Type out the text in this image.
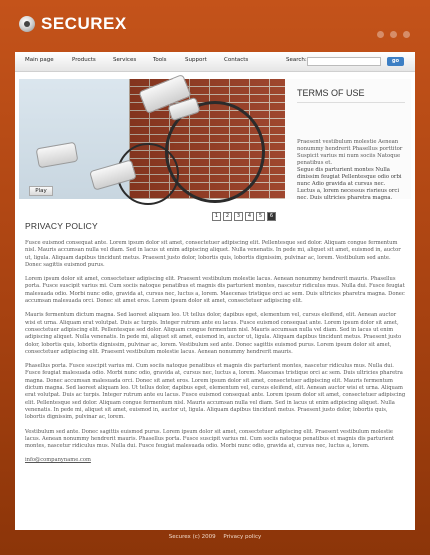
SECUREX
Main page	Products	Services	Tools	Support	Contacts	Search:	go
1	2	3	4	5	6
TERMS OF USE
Praesent vestibulum molestie Aenean nonummy hendrerit Phasellus porttitor Suspicit varius mi num sociis Natoque penatibus et.
Segue dis parturient montes Nulla dinissim feugiat Pellentesque odio orbi nunc Adio gravida at cursus nec. Luctus a, lorem necessus risrieus orci nec. Duis ultricies pharetra magna.
PRIVACY POLICY

Fusce euismod consequat ante. Lorem ipsum dolor sit amet, consectetuer adipiscing elit. Pellentesque sed dolor. Aliquam congue fermentum nisl. Mauris accumsan nulla vel diam. Sed in lacus ut enim adipiscing aliquet. Nulla venenatis. In pede mi, aliquet sit amet, euismod in, auctor ut, ligula. Aliquam dapibus tincidunt metus. Praesent justo dolor, lobortis quis, lobortis dignissim, pulvinar ac, lorem. Vestibulum sed ante. Donec sagittis euismod purus.

Lorem ipsum dolor sit amet, consectetuer adipiscing elit. Praesent vestibulum molestie lacus. Aenean nonummy hendrerit mauris. Phasellus porta. Fusce suscipit varius mi. Cum sociis natoque penatibus et magnis dis parturient montes, nascetur ridiculus mus. Nulla dui. Fusce feugiat malesuada odio. Morbi nunc odio, gravida at, cursus nec, luctus a, lorem. Maecenas tristique orci ac sem. Duis ultricies pharetra magna. Donec accumsan malesuada orci. Donec sit amet eros. Lorem ipsum dolor sit amet, consectetuer adipiscing elit.

Mauris fermentum dictum magna. Sed laoreet aliquam leo. Ut tellus dolor, dapibus eget, elementum vel, cursus eleifend, elit. Aenean auctor wisi et urna. Aliquam erat volutpat. Duis ac turpis. Integer rutrum ante eu lacus. Fusce euismod consequat ante. Lorem ipsum dolor sit amet, consectetuer adipiscing elit. Pellentesque sed dolor. Aliquam congue fermentum nisl. Mauris accumsan nulla vel diam. Sed in lacus ut enim adipiscing aliquet. Nulla venenatis. In pede mi, aliquet sit amet, euismod in, auctor ut, ligula. Aliquam dapibus tincidunt metus. Praesent justo dolor, lobortis quis, lobortis dignissim, pulvinar ac, lorem. Vestibulum sed ante. Donec sagittis euismod purus. Lorem ipsum dolor sit amet, consectetuer adipiscing elit. Praesent vestibulum molestie lacus. Aenean nonummy hendrerit mauris.

Phasellus porta. Fusce suscipit varius mi. Cum sociis natoque penatibus et magnis dis parturient montes, nascetur ridiculus mus. Nulla dui. Fusce feugiat malesuada odio. Morbi nunc odio, gravida at, cursus nec, luctus a, lorem. Maecenas tristique orci ac sem. Duis ultricies pharetra magna. Donec accumsan malesuada orci. Donec sit amet eros. Lorem ipsum dolor sit amet, consectetuer adipiscing elit. Mauris fermentum dictum magna. Sed laoreet aliquam leo. Ut tellus dolor, dapibus eget, elementum vel, cursus eleifend, elit. Aenean auctor wisi et urna. Aliquam erat volutpat. Duis ac turpis. Integer rutrum ante eu lacus. Fusce euismod consequat ante. Lorem ipsum dolor sit amet, consectetuer adipiscing elit. Pellentesque sed dolor. Aliquam congue fermentum nisl. Mauris accumsan nulla vel diam. Sed in lacus ut enim adipiscing aliquet. Nulla venenatis. In pede mi, aliquet sit amet, euismod in, auctor ut, ligula. Aliquam dapibus tincidunt metus. Praesent justo dolor, lobortis quis, lobortis dignissim, pulvinar ac, lorem.

Vestibulum sed ante. Donec sagittis euismod purus. Lorem ipsum dolor sit amet, consectetuer adipiscing elit. Praesent vestibulum molestie lacus. Aenean nonummy hendrerit mauris. Phasellus porta. Fusce suscipit varius mi. Cum sociis natoque penatibus et magnis dis parturient montes, nascetur ridiculus mus. Nulla dui. Fusce feugiat malesuada odio. Morbi nunc odio, gravida at, cursus nec, luctus a, lorem.

info@companyname.com
Play
Securex (c) 2009 Privacy policy
